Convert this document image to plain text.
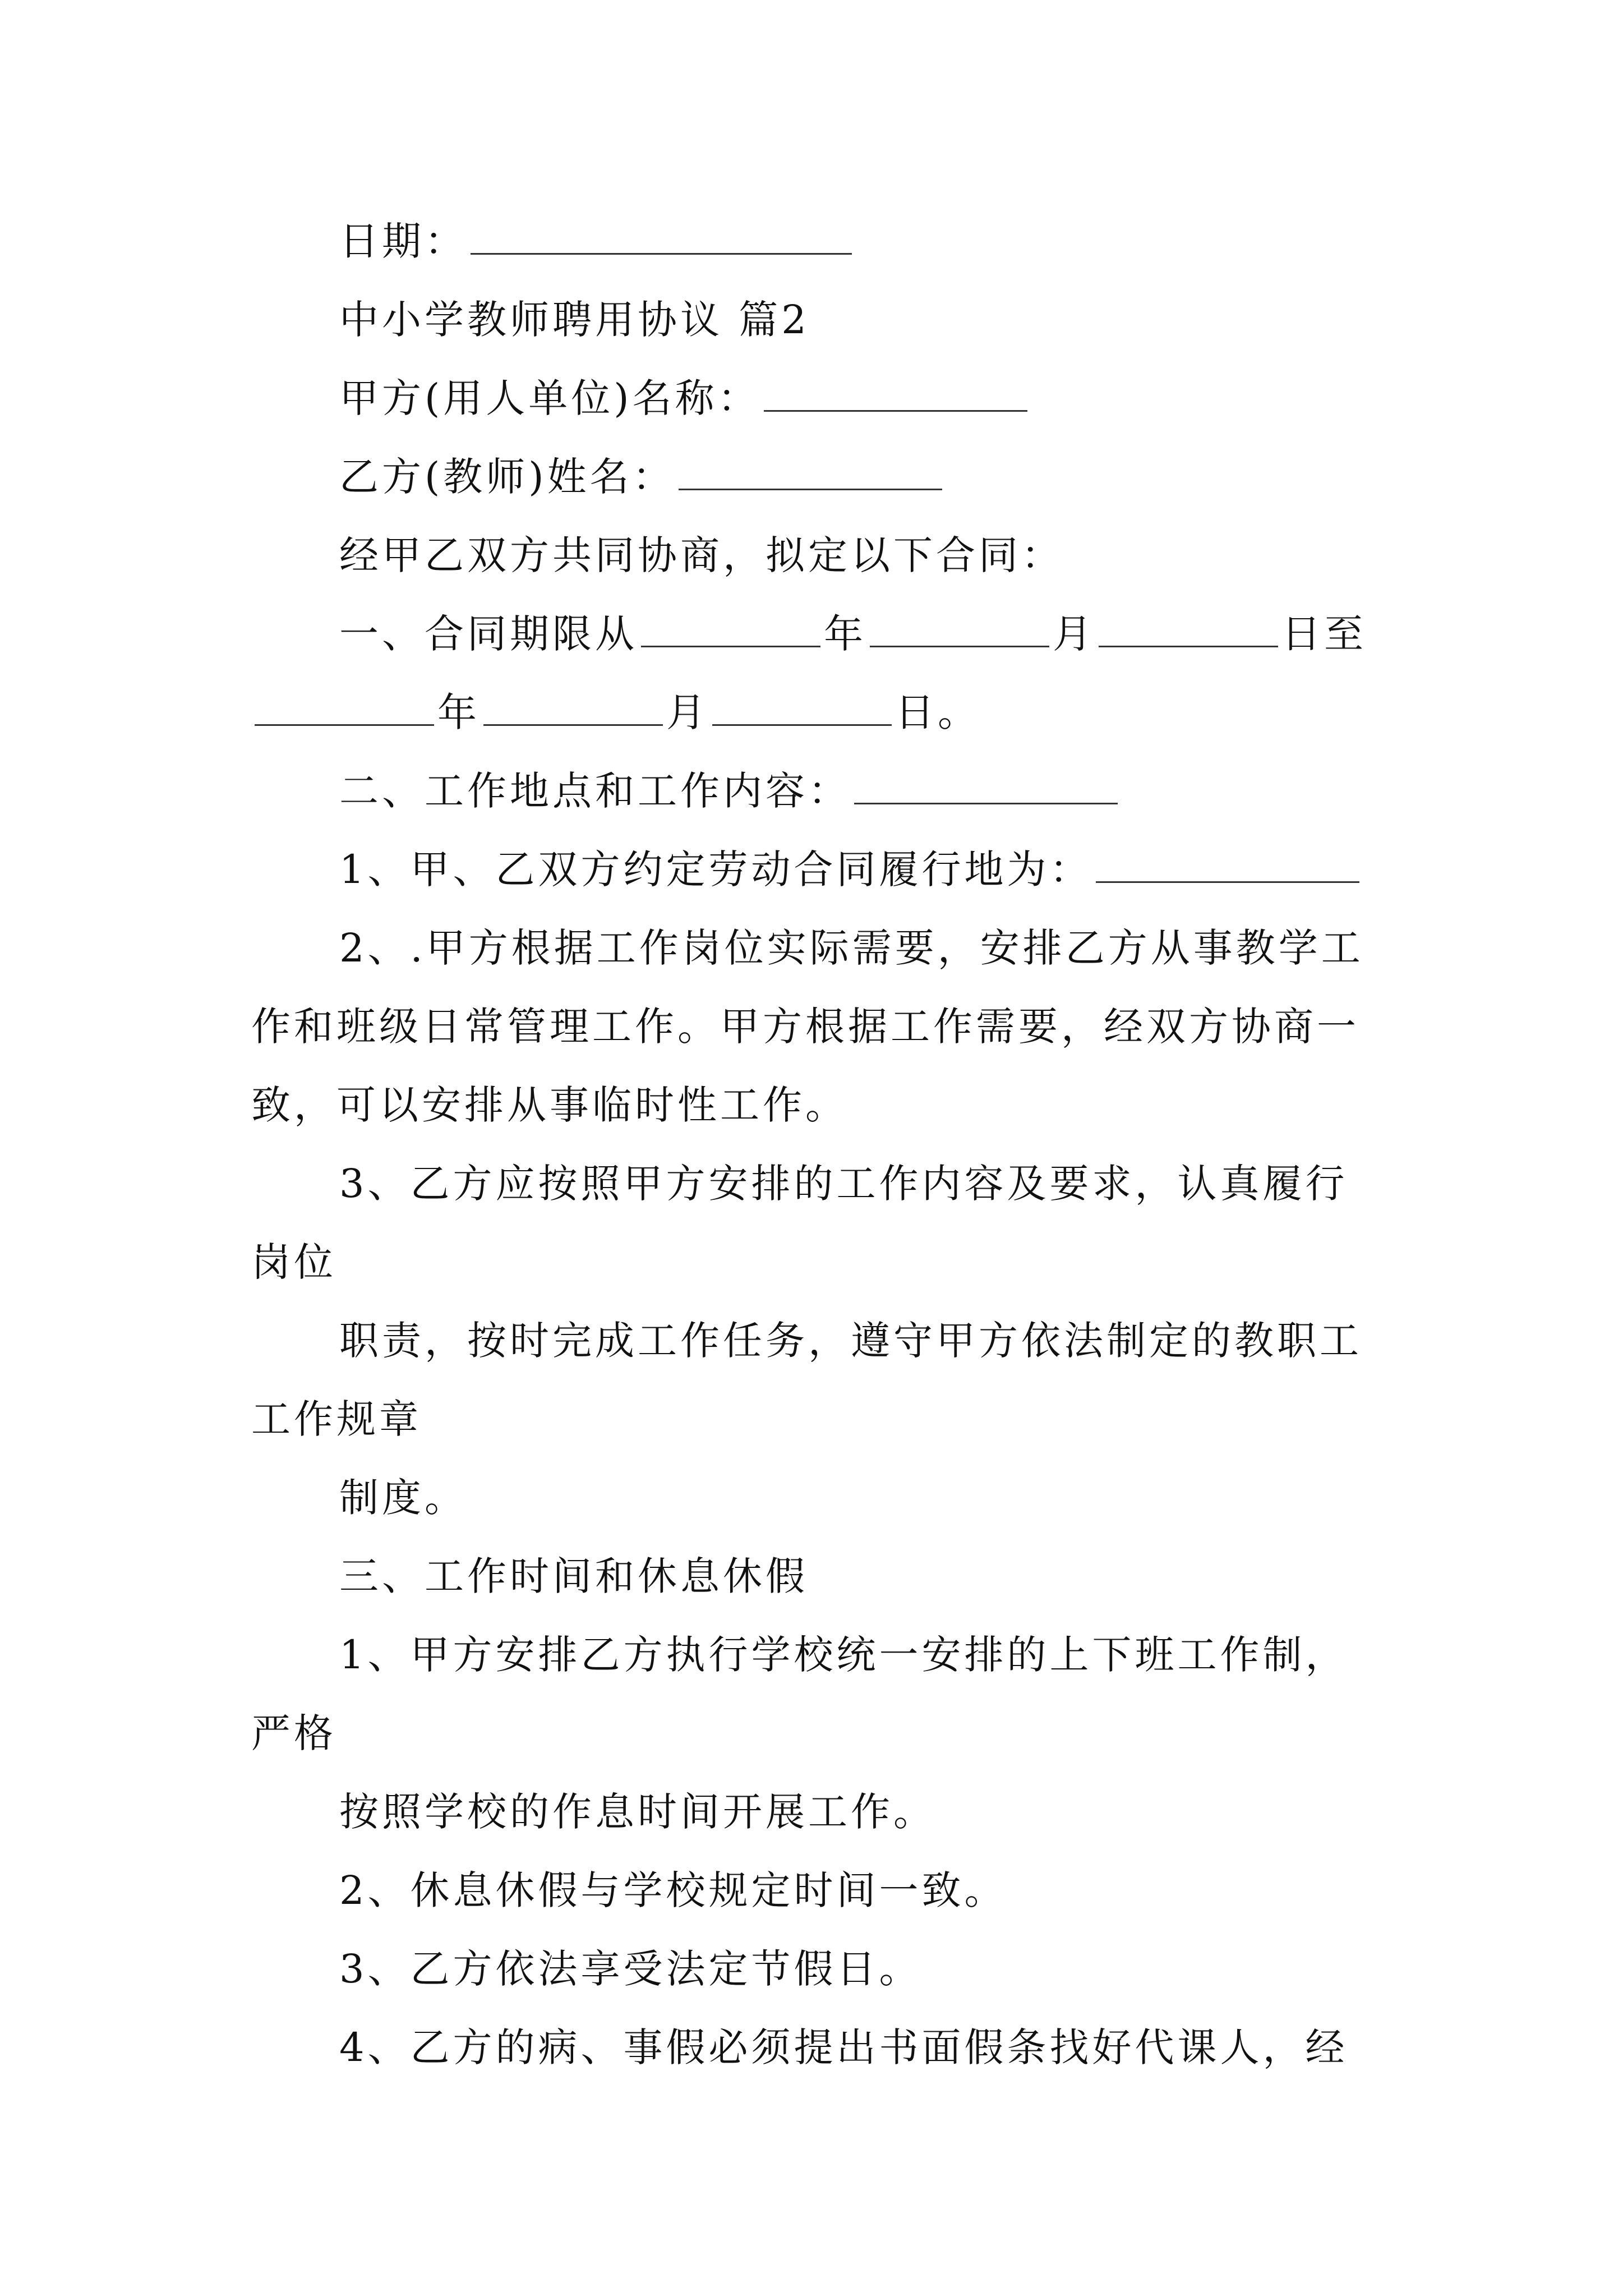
日期：
中小学教师聘用协议 篇2
甲方(用人单位)名称：
乙方(教师)姓名：
经甲乙双方共同协商，拟定以下合同：
一、合同期限从	年	月	日至
年	月	日。
二、工作地点和工作内容：
1、甲、乙双方约定劳动合同履行地为：
2、.甲方根据工作岗位实际需要，安排乙方从事教学工
作和班级日常管理工作。甲方根据工作需要，经双方协商一
致，可以安排从事临时性工作。
3、乙方应按照甲方安排的工作内容及要求，认真履行
岗位
职责，按时完成工作任务，遵守甲方依法制定的教职工
工作规章
制度。
三、工作时间和休息休假
1、甲方安排乙方执行学校统一安排的上下班工作制，
严格
按照学校的作息时间开展工作。
2、休息休假与学校规定时间一致。
3、乙方依法享受法定节假日。
4、乙方的病、事假必须提出书面假条找好代课人，经
